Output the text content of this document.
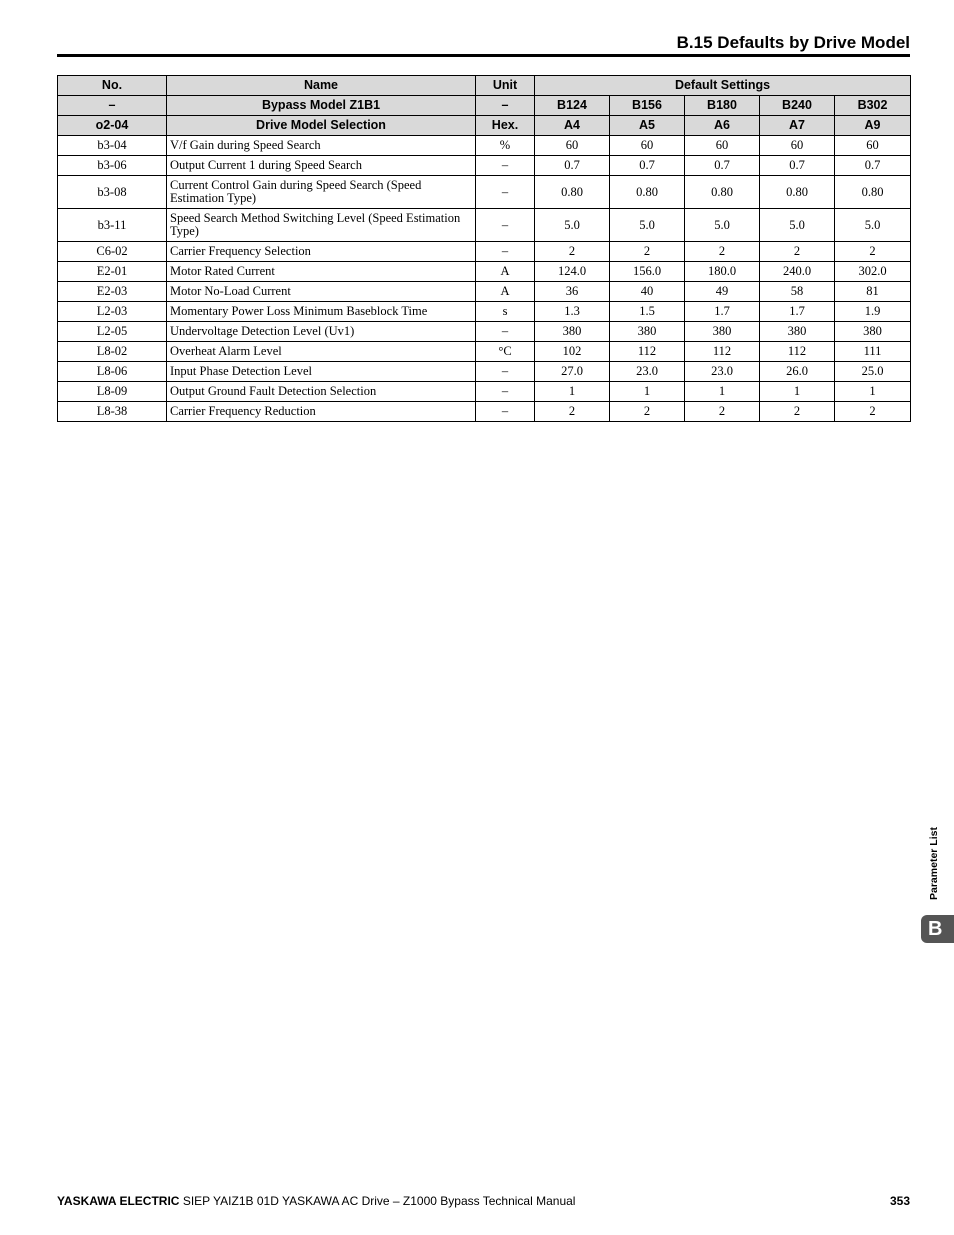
B.15 Defaults by Drive Model
No.	Name	Unit	Default Settings				
–	Bypass Model Z1B1	–	B124	B156	B180	B240	B302
o2-04	Drive Model Selection	Hex.	A4	A5	A6	A7	A9
b3-04	V/f Gain during Speed Search	%	60	60	60	60	60
b3-06	Output Current 1 during Speed Search	–	0.7	0.7	0.7	0.7	0.7
b3-08	Current Control Gain during Speed Search (Speed Estimation Type)	–	0.80	0.80	0.80	0.80	0.80
b3-11	Speed Search Method Switching Level (Speed Estimation Type)	–	5.0	5.0	5.0	5.0	5.0
C6-02	Carrier Frequency Selection	–	2	2	2	2	2
E2-01	Motor Rated Current	A	124.0	156.0	180.0	240.0	302.0
E2-03	Motor No-Load Current	A	36	40	49	58	81
L2-03	Momentary Power Loss Minimum Baseblock Time	s	1.3	1.5	1.7	1.7	1.9
L2-05	Undervoltage Detection Level (Uv1)	–	380	380	380	380	380
L8-02	Overheat Alarm Level	°C	102	112	112	112	111
L8-06	Input Phase Detection Level	–	27.0	23.0	23.0	26.0	25.0
L8-09	Output Ground Fault Detection Selection	–	1	1	1	1	1
L8-38	Carrier Frequency Reduction	–	2	2	2	2	2
Parameter List
B
YASKAWA ELECTRIC SIEP YAIZ1B 01D YASKAWA AC Drive – Z1000 Bypass Technical Manual	353
